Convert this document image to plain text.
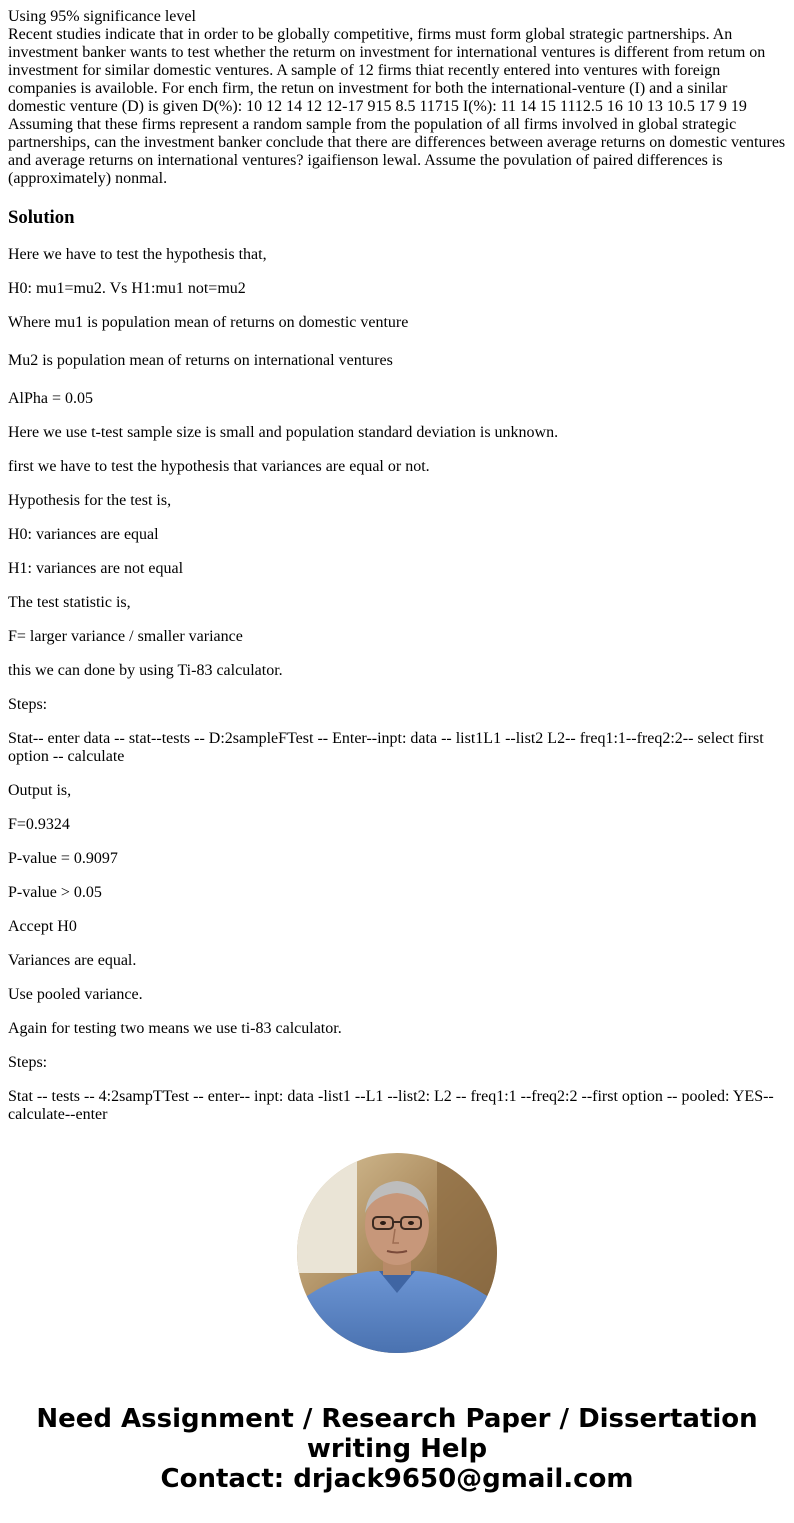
Using 95% significance level
Recent studies indicate that in order to be globally competitive, firms must form global strategic partnerships. An investment banker wants to test whether the returm on investment for international ventures is different from retum on investment for similar domestic ventures. A sample of 12 firms thiat recently entered into ventures with foreign companies is availoble. For ench firm, the retun on investment for both the international-venture (I) and a sinilar domestic venture (D) is given D(%): 10 12 14 12 12-17 915 8.5 11715 I(%): 11 14 15 1112.5 16 10 13 10.5 17 9 19 Assuming that these firms represent a random sample from the population of all firms involved in global strategic partnerships, can the investment banker conclude that there are differences between average returns on domestic ventures and average returns on international ventures? igaifienson lewal. Assume the povulation of paired differences is (approximately) nonmal.
Solution

Here we have to test the hypothesis that,

H0: mu1=mu2. Vs H1:mu1 not=mu2

Where mu1 is population mean of returns on domestic venture

Mu2 is population mean of returns on international ventures

AlPha = 0.05

Here we use t-test sample size is small and population standard deviation is unknown.

first we have to test the hypothesis that variances are equal or not.

Hypothesis for the test is,

H0: variances are equal

H1: variances are not equal

The test statistic is,

F= larger variance / smaller variance

this we can done by using Ti-83 calculator.

Steps:

Stat-- enter data -- stat--tests -- D:2sampleFTest -- Enter--inpt: data -- list1L1 --list2 L2-- freq1:1--freq2:2-- select first option -- calculate

Output is,

F=0.9324

P-value = 0.9097

P-value > 0.05

Accept H0

Variances are equal.

Use pooled variance.

Again for testing two means we use ti-83 calculator.

Steps:

Stat -- tests -- 4:2sampTTest -- enter-- inpt: data -list1 --L1 --list2: L2 -- freq1:1 --freq2:2 --first option -- pooled: YES--calculate--enter

Need Assignment / Research Paper / Dissertation
writing Help
Contact: drjack9650@gmail.com
